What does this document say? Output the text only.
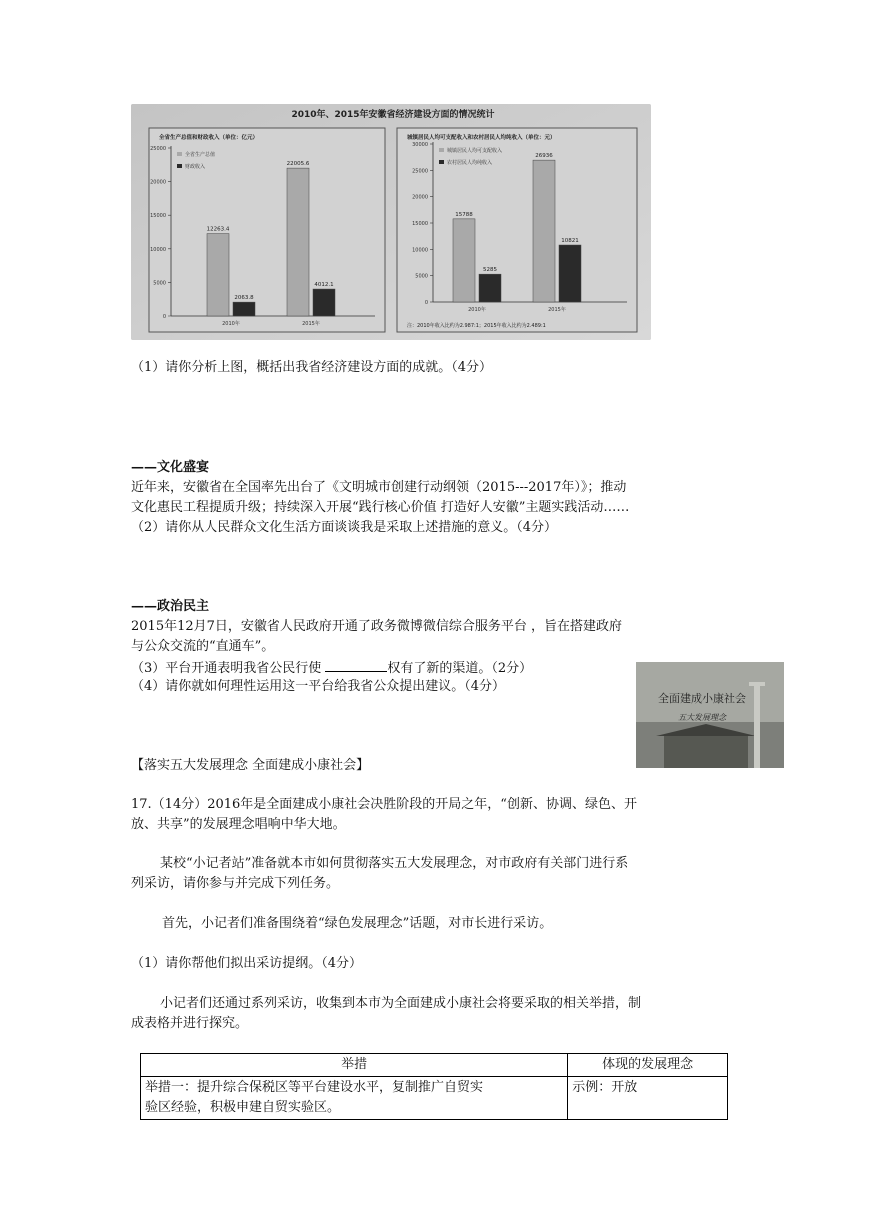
2010年、2015年安徽省经济建设方面的情况统计
全省生产总值和财政收入（单位：亿元）
0
5000
10000
15000
20000
25000
全省生产总值
财政收入
12263.4
2063.8
2010年
22005.6
4012.1
2015年
城镇居民人均可支配收入和农村居民人均纯收入（单位：元）
0
5000
10000
15000
20000
25000
30000
城镇居民人均可支配收入
农村居民人均纯收入
15788
5285
2010年
26936
10821
2015年
注：2010年收入比约为2.987:1；2015年收入比约为2.489:1
（1）请你分析上图，概括出我省经济建设方面的成就。（4分）
——文化盛宴
近年来，安徽省在全国率先出台了《文明城市创建行动纲领（2015---2017年）》；推动
文化惠民工程提质升级；持续深入开展“践行核心价值 打造好人安徽”主题实践活动……
（2）请你从人民群众文化生活方面谈谈我是采取上述措施的意义。（4分）
——政治民主
2015年12月7日，安徽省人民政府开通了政务微博微信综合服务平台 ，旨在搭建政府
与公众交流的“直通车”。
（3）平台开通表明我省公民行使	权有了新的渠道。（2分）
（4）请你就如何理性运用这一平台给我省公众提出建议。（4分）
全面建成小康社会
五大发展理念
【落实五大发展理念 全面建成小康社会】
17.（14分）2016年是全面建成小康社会决胜阶段的开局之年，“创新、协调、绿色、开
放、共享”的发展理念唱响中华大地。
某校“小记者站”准备就本市如何贯彻落实五大发展理念，对市政府有关部门进行系
列采访，请你参与并完成下列任务。
首先，小记者们准备围绕着“绿色发展理念”话题，对市长进行采访。
（1）请你帮他们拟出采访提纲。（4分）
小记者们还通过系列采访，收集到本市为全面建成小康社会将要采取的相关举措，制
成表格并进行探究。
举措	体现的发展理念

举措一：提升综合保税区等平台建设水平，复制推广自贸实
验区经验，积极申建自贸实验区。	示例：开放
